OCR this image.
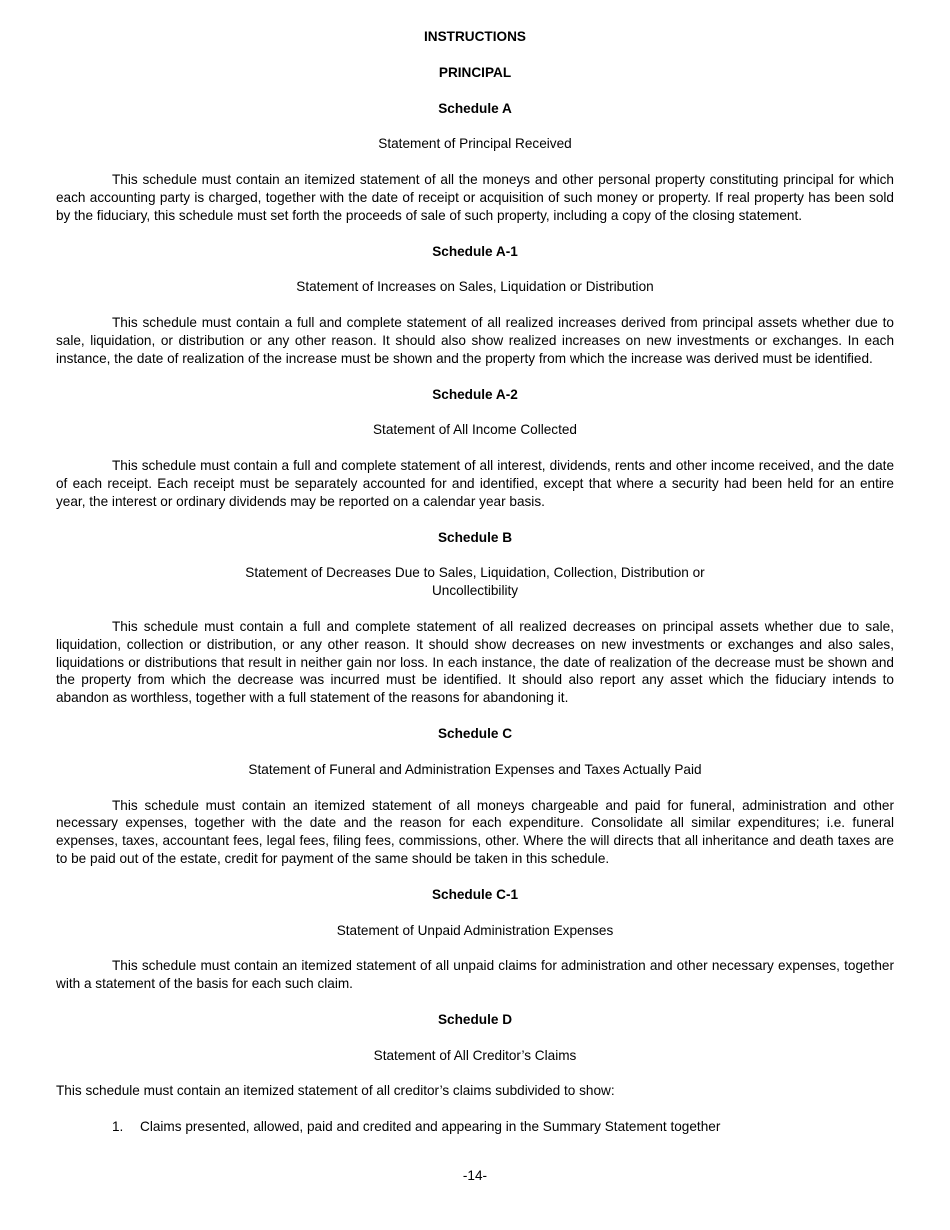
INSTRUCTIONS

PRINCIPAL

Schedule A

Statement of Principal Received

This schedule must contain an itemized statement of all the moneys and other personal property constituting principal for which each accounting party is charged, together with the date of receipt or acquisition of such money or property. If real property has been sold by the fiduciary, this schedule must set forth the proceeds of sale of such property, including a copy of the closing statement.

Schedule A-1

Statement of Increases on Sales, Liquidation or Distribution

This schedule must contain a full and complete statement of all realized increases derived from principal assets whether due to sale, liquidation, or distribution or any other reason. It should also show realized increases on new investments or exchanges. In each instance, the date of realization of the increase must be shown and the property from which the increase was derived must be identified.

Schedule A-2

Statement of All Income Collected

This schedule must contain a full and complete statement of all interest, dividends, rents and other income received, and the date of each receipt. Each receipt must be separately accounted for and identified, except that where a security had been held for an entire year, the interest or ordinary dividends may be reported on a calendar year basis.

Schedule B

Statement of Decreases Due to Sales, Liquidation, Collection, Distribution or
Uncollectibility

This schedule must contain a full and complete statement of all realized decreases on principal assets whether due to sale, liquidation, collection or distribution, or any other reason. It should show decreases on new investments or exchanges and also sales, liquidations or distributions that result in neither gain nor loss. In each instance, the date of realization of the decrease must be shown and the property from which the decrease was incurred must be identified. It should also report any asset which the fiduciary intends to abandon as worthless, together with a full statement of the reasons for abandoning it.

Schedule C

Statement of Funeral and Administration Expenses and Taxes Actually Paid

This schedule must contain an itemized statement of all moneys chargeable and paid for funeral, administration and other necessary expenses, together with the date and the reason for each expenditure. Consolidate all similar expenditures; i.e. funeral expenses, taxes, accountant fees, legal fees, filing fees, commissions, other. Where the will directs that all inheritance and death taxes are to be paid out of the estate, credit for payment of the same should be taken in this schedule.

Schedule C-1

Statement of Unpaid Administration Expenses

This schedule must contain an itemized statement of all unpaid claims for administration and other necessary expenses, together with a statement of the basis for each such claim.

Schedule D

Statement of All Creditor’s Claims

This schedule must contain an itemized statement of all creditor’s claims subdivided to show:

1. Claims presented, allowed, paid and credited and appearing in the Summary Statement together

-14-
